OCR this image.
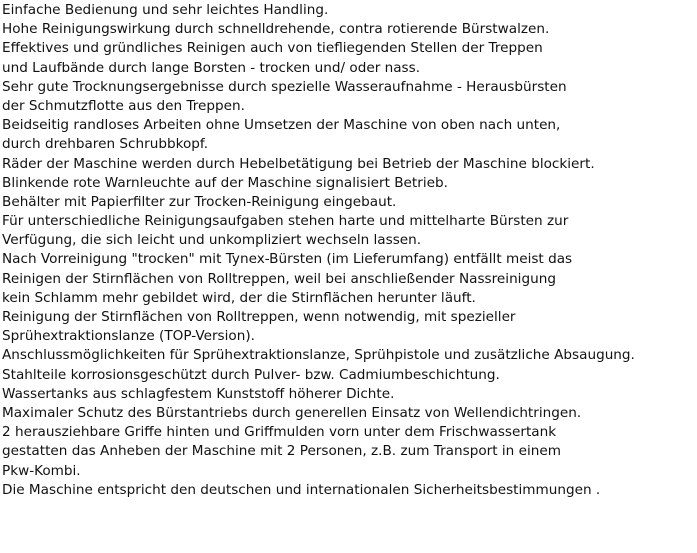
Einfache Bedienung und sehr leichtes Handling.
Hohe Reinigungswirkung durch schnelldrehende, contra rotierende Bürstwalzen.
Effektives und gründliches Reinigen auch von tiefliegenden Stellen der Treppen
und Laufbände durch lange Borsten - trocken und/ oder nass.
Sehr gute Trocknungsergebnisse durch spezielle Wasseraufnahme - Herausbürsten
der Schmutzflotte aus den Treppen.
Beidseitig randloses Arbeiten ohne Umsetzen der Maschine von oben nach unten,
durch drehbaren Schrubbkopf.
Räder der Maschine werden durch Hebelbetätigung bei Betrieb der Maschine blockiert.
Blinkende rote Warnleuchte auf der Maschine signalisiert Betrieb.
Behälter mit Papierfilter zur Trocken-Reinigung eingebaut.
Für unterschiedliche Reinigungsaufgaben stehen harte und mittelharte Bürsten zur
Verfügung, die sich leicht und unkompliziert wechseln lassen.
Nach Vorreinigung "trocken" mit Tynex-Bürsten (im Lieferumfang) entfällt meist das
Reinigen der Stirnflächen von Rolltreppen, weil bei anschließender Nassreinigung
kein Schlamm mehr gebildet wird, der die Stirnflächen herunter läuft.
Reinigung der Stirnflächen von Rolltreppen, wenn notwendig, mit spezieller
Sprühextraktionslanze (TOP-Version).
Anschlussmöglichkeiten für Sprühextraktionslanze, Sprühpistole und zusätzliche Absaugung.
Stahlteile korrosionsgeschützt durch Pulver- bzw. Cadmiumbeschichtung.
Wassertanks aus schlagfestem Kunststoff höherer Dichte.
Maximaler Schutz des Bürstantriebs durch generellen Einsatz von Wellendichtringen.
2 herausziehbare Griffe hinten und Griffmulden vorn unter dem Frischwassertank
gestatten das Anheben der Maschine mit 2 Personen, z.B. zum Transport in einem
Pkw-Kombi.
Die Maschine entspricht den deutschen und internationalen Sicherheitsbestimmungen .
